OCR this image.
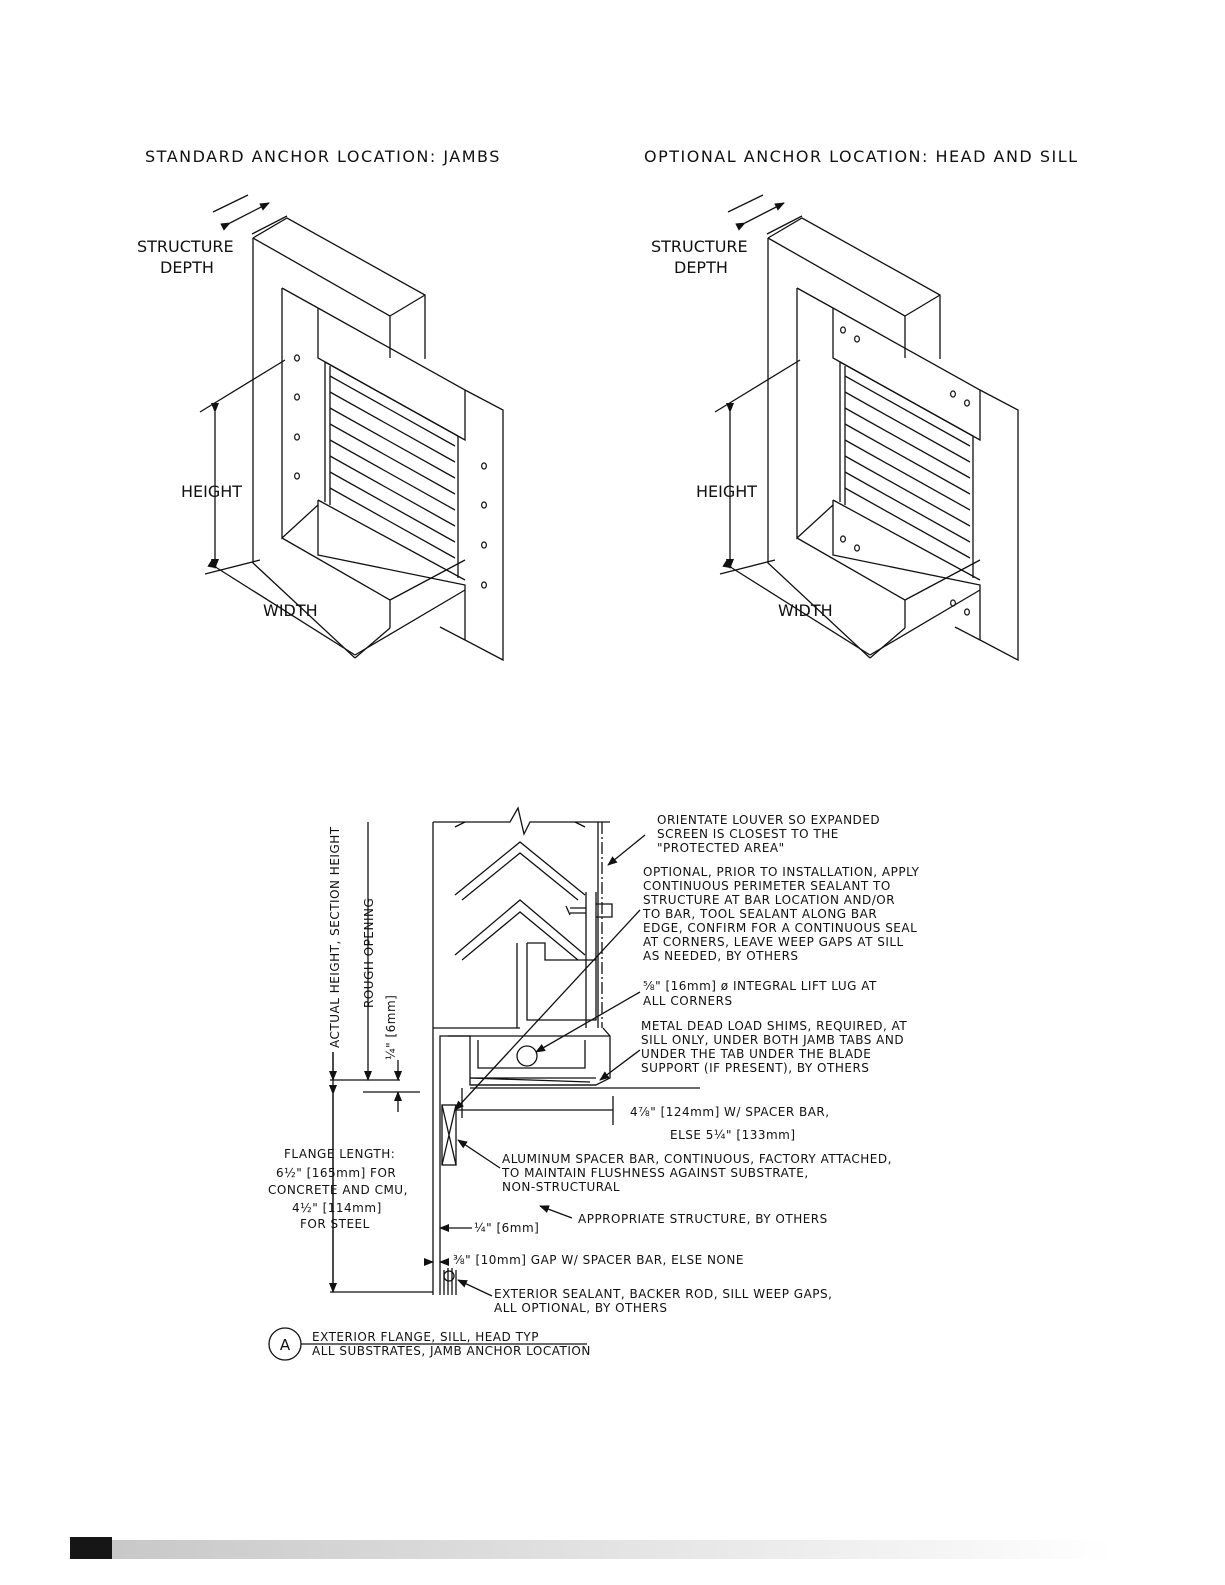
STANDARD ANCHOR LOCATION: JAMBS	OPTIONAL ANCHOR LOCATION: HEAD AND SILL
STRUCTURE
DEPTH
HEIGHT
WIDTH
STRUCTURE
DEPTH
HEIGHT
WIDTH
ACTUAL HEIGHT, SECTION HEIGHT ROUGH OPENING
¼" [6mm]
FLANGE LENGTH:
6½" [165mm] FOR
CONCRETE AND CMU,
4½" [114mm]
FOR STEEL
ORIENTATE LOUVER SO EXPANDED
SCREEN IS CLOSEST TO THE
"PROTECTED AREA"
OPTIONAL, PRIOR TO INSTALLATION, APPLY
CONTINUOUS PERIMETER SEALANT TO
STRUCTURE AT BAR LOCATION AND/OR
TO BAR, TOOL SEALANT ALONG BAR
EDGE, CONFIRM FOR A CONTINUOUS SEAL
AT CORNERS, LEAVE WEEP GAPS AT SILL
AS NEEDED, BY OTHERS
⅝" [16mm] ø INTEGRAL LIFT LUG AT
ALL CORNERS
METAL DEAD LOAD SHIMS, REQUIRED, AT
SILL ONLY, UNDER BOTH JAMB TABS AND
UNDER THE TAB UNDER THE BLADE
SUPPORT (IF PRESENT), BY OTHERS
4⅞" [124mm] W/ SPACER BAR,
ELSE 5¼" [133mm]
ALUMINUM SPACER BAR, CONTINUOUS, FACTORY ATTACHED,
TO MAINTAIN FLUSHNESS AGAINST SUBSTRATE,
NON-STRUCTURAL
APPROPRIATE STRUCTURE, BY OTHERS
¼" [6mm]
⅜" [10mm] GAP W/ SPACER BAR, ELSE NONE
EXTERIOR SEALANT, BACKER ROD, SILL WEEP GAPS,
ALL OPTIONAL, BY OTHERS
A EXTERIOR FLANGE, SILL, HEAD TYP
ALL SUBSTRATES, JAMB ANCHOR LOCATION
